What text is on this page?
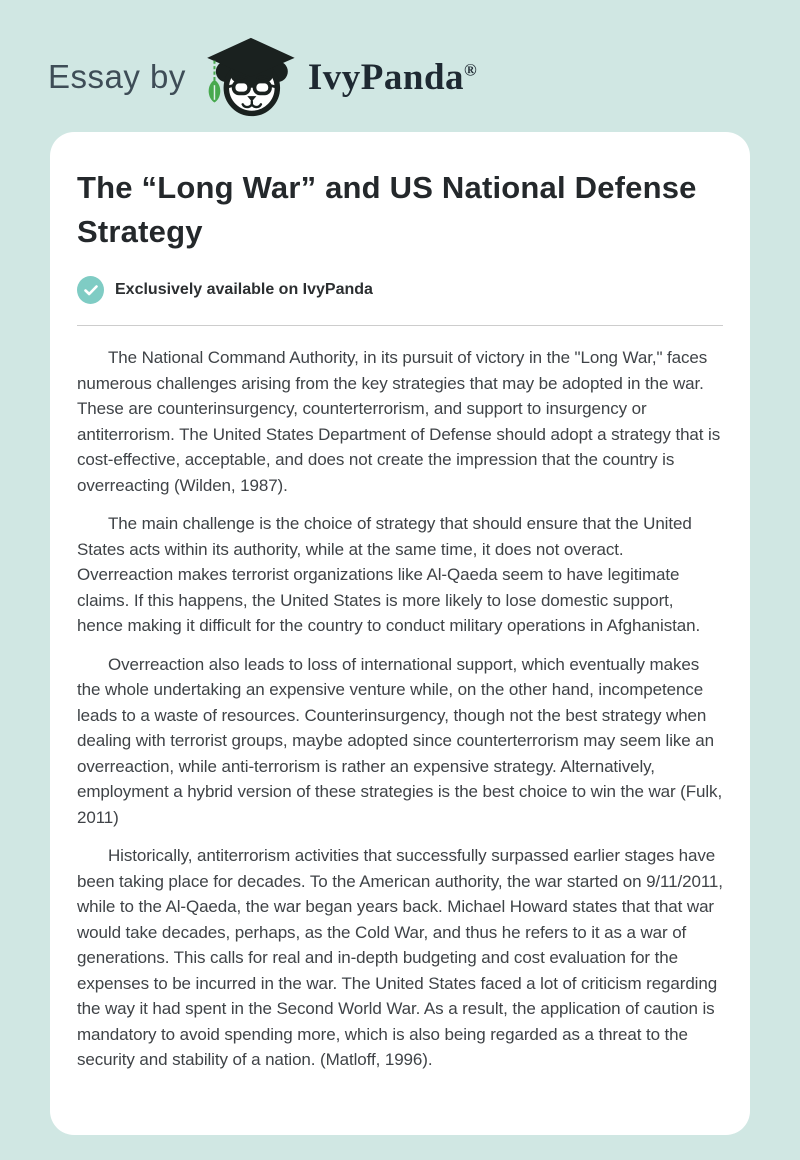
Essay by	IvyPanda®
The “Long War” and US National Defense Strategy
Exclusively available on IvyPanda

The National Command Authority, in its pursuit of victory in the "Long War," faces numerous challenges arising from the key strategies that may be adopted in the war. These are counterinsurgency, counterterrorism, and support to insurgency or antiterrorism. The United States Department of Defense should adopt a strategy that is cost-effective, acceptable, and does not create the impression that the country is overreacting (Wilden, 1987).

The main challenge is the choice of strategy that should ensure that the United States acts within its authority, while at the same time, it does not overact. Overreaction makes terrorist organizations like Al-Qaeda seem to have legitimate claims. If this happens, the United States is more likely to lose domestic support, hence making it difficult for the country to conduct military operations in Afghanistan.

Overreaction also leads to loss of international support, which eventually makes the whole undertaking an expensive venture while, on the other hand, incompetence leads to a waste of resources. Counterinsurgency, though not the best strategy when dealing with terrorist groups, maybe adopted since counterterrorism may seem like an overreaction, while anti-terrorism is rather an expensive strategy. Alternatively, employment a hybrid version of these strategies is the best choice to win the war (Fulk, 2011)

Historically, antiterrorism activities that successfully surpassed earlier stages have been taking place for decades. To the American authority, the war started on 9/11/2011, while to the Al-Qaeda, the war began years back. Michael Howard states that that war would take decades, perhaps, as the Cold War, and thus he refers to it as a war of generations. This calls for real and in-depth budgeting and cost evaluation for the expenses to be incurred in the war. The United States faced a lot of criticism regarding the way it had spent in the Second World War. As a result, the application of caution is mandatory to avoid spending more, which is also being regarded as a threat to the security and stability of a nation. (Matloff, 1996).
